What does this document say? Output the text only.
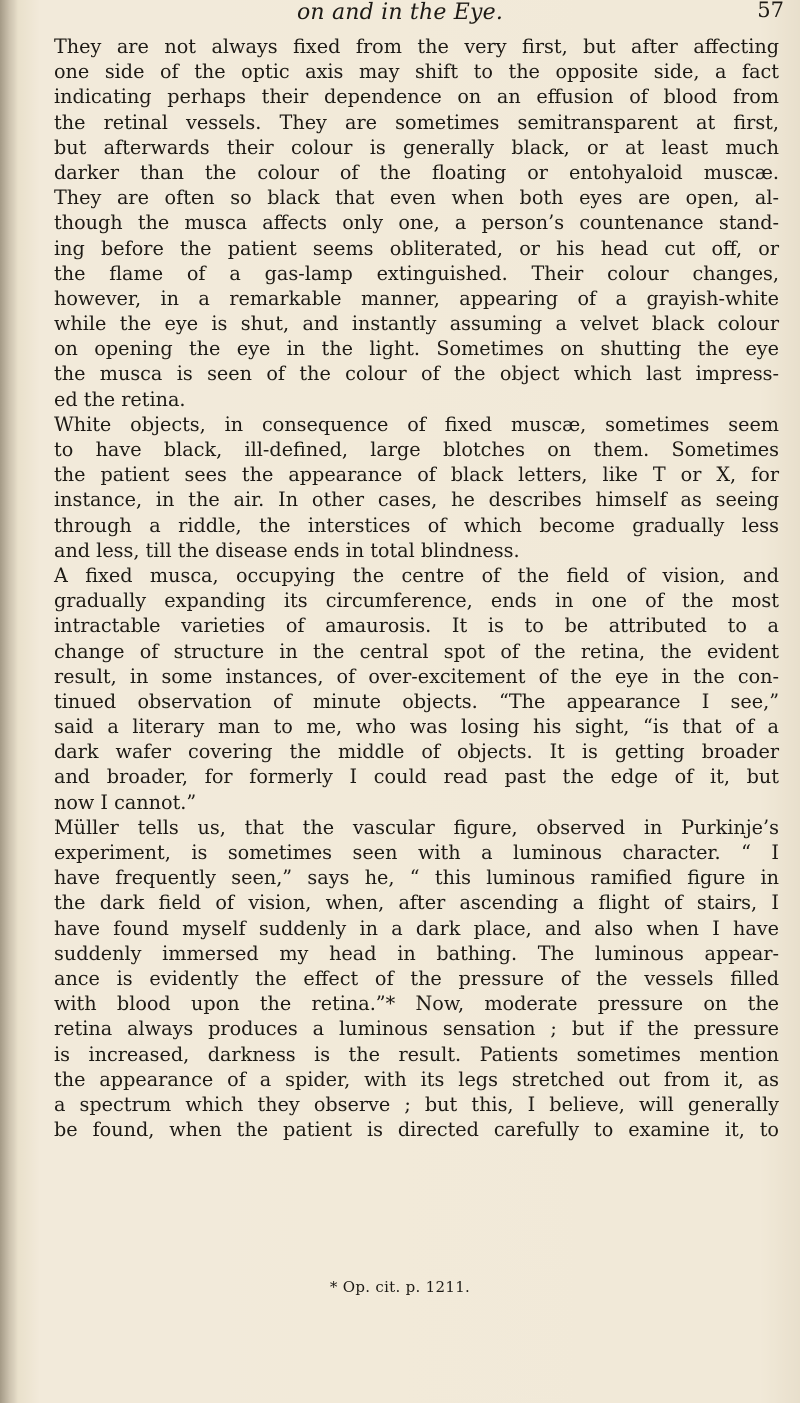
on and in the Eye.	57
They are not always fixed from the very first, but after affecting
one side of the optic axis may shift to the opposite side, a fact
indicating perhaps their dependence on an effusion of blood from
the retinal vessels. They are sometimes semitransparent at first,
but afterwards their colour is generally black, or at least much
darker than the colour of the floating or entohyaloid muscæ.
They are often so black that even when both eyes are open, al-
though the musca affects only one, a person’s countenance stand-
ing before the patient seems obliterated, or his head cut off, or
the flame of a gas-lamp extinguished. Their colour changes,
however, in a remarkable manner, appearing of a grayish-white
while the eye is shut, and instantly assuming a velvet black colour
on opening the eye in the light. Sometimes on shutting the eye
the musca is seen of the colour of the object which last impress-
ed the retina.
White objects, in consequence of fixed muscæ, sometimes seem
to have black, ill-defined, large blotches on them. Sometimes
the patient sees the appearance of black letters, like T or X, for
instance, in the air. In other cases, he describes himself as seeing
through a riddle, the interstices of which become gradually less
and less, till the disease ends in total blindness.
A fixed musca, occupying the centre of the field of vision, and
gradually expanding its circumference, ends in one of the most
intractable varieties of amaurosis. It is to be attributed to a
change of structure in the central spot of the retina, the evident
result, in some instances, of over-excitement of the eye in the con-
tinued observation of minute objects. “The appearance I see,”
said a literary man to me, who was losing his sight, “is that of a
dark wafer covering the middle of objects. It is getting broader
and broader, for formerly I could read past the edge of it, but
now I cannot.”
Müller tells us, that the vascular figure, observed in Purkinje’s
experiment, is sometimes seen with a luminous character. “ I
have frequently seen,” says he, “ this luminous ramified figure in
the dark field of vision, when, after ascending a flight of stairs, I
have found myself suddenly in a dark place, and also when I have
suddenly immersed my head in bathing. The luminous appear-
ance is evidently the effect of the pressure of the vessels filled
with blood upon the retina.”* Now, moderate pressure on the
retina always produces a luminous sensation ; but if the pressure
is increased, darkness is the result. Patients sometimes mention
the appearance of a spider, with its legs stretched out from it, as
a spectrum which they observe ; but this, I believe, will generally
be found, when the patient is directed carefully to examine it, to
* Op. cit. p. 1211.
